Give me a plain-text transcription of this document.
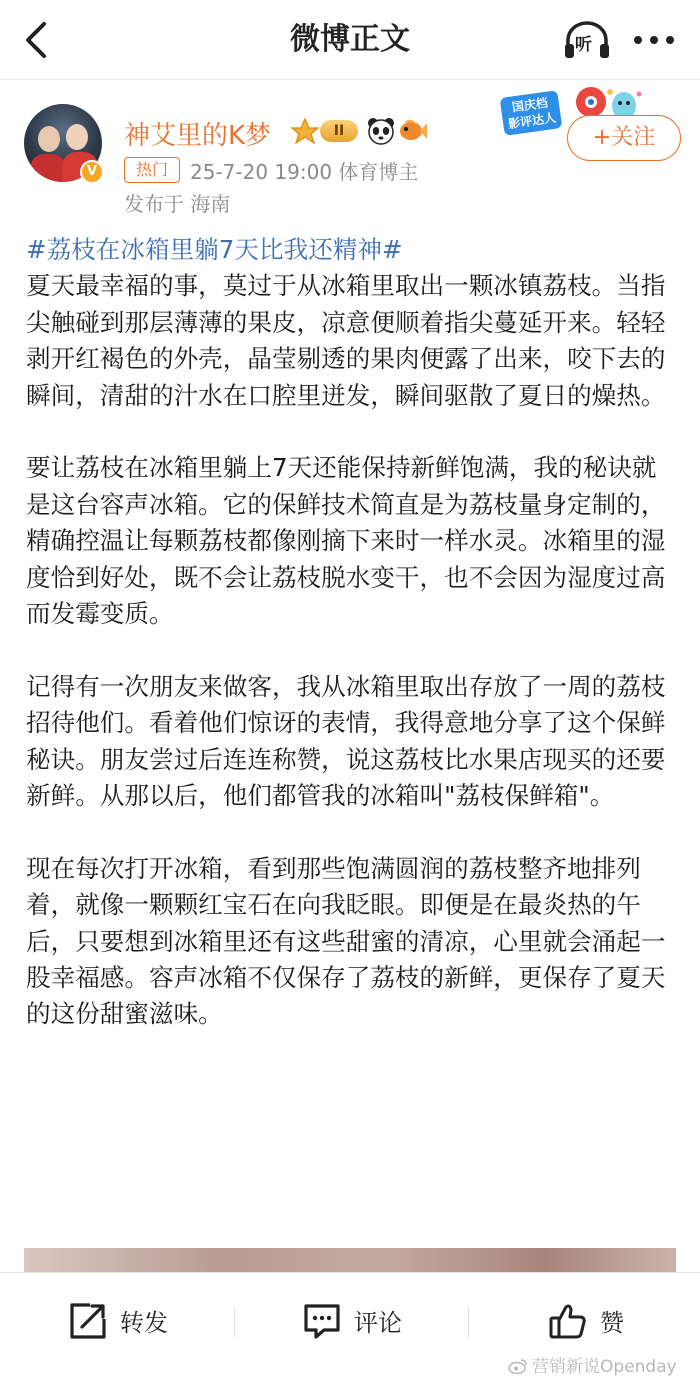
微博正文	听
V
神艾里的K梦	II
热门	25-7-20 19:00 体育博主
发布于 海南
国庆档
影评达人
+关注

#荔枝在冰箱里躺7天比我还精神#

夏天最幸福的事，莫过于从冰箱里取出一颗冰镇荔枝。当指尖触碰到那层薄薄的果皮，凉意便顺着指尖蔓延开来。轻轻剥开红褐色的外壳，晶莹剔透的果肉便露了出来，咬下去的瞬间，清甜的汁水在口腔里迸发，瞬间驱散了夏日的燥热。

要让荔枝在冰箱里躺上7天还能保持新鲜饱满，我的秘诀就是这台容声冰箱。它的保鲜技术简直是为荔枝量身定制的，精确控温让每颗荔枝都像刚摘下来时一样水灵。冰箱里的湿度恰到好处，既不会让荔枝脱水变干，也不会因为湿度过高而发霉变质。

记得有一次朋友来做客，我从冰箱里取出存放了一周的荔枝招待他们。看着他们惊讶的表情，我得意地分享了这个保鲜秘诀。朋友尝过后连连称赞，说这荔枝比水果店现买的还要新鲜。从那以后，他们都管我的冰箱叫"荔枝保鲜箱"。

现在每次打开冰箱，看到那些饱满圆润的荔枝整齐地排列着，就像一颗颗红宝石在向我眨眼。即便是在最炎热的午后，只要想到冰箱里还有这些甜蜜的清凉，心里就会涌起一股幸福感。容声冰箱不仅保存了荔枝的新鲜，更保存了夏天的这份甜蜜滋味。

转发	评论	赞
营销新说Openday
